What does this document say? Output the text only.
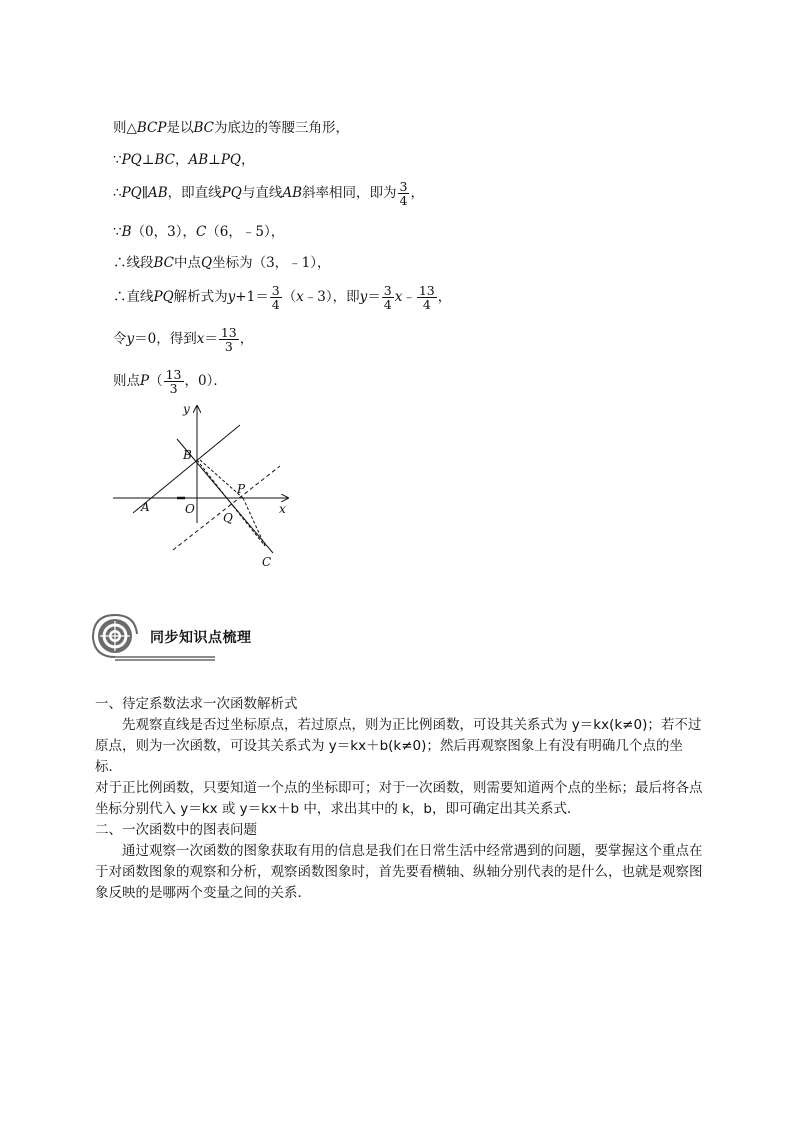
则△ BCP 是以 BC 为底边的等腰三角形，
∵ PQ ⊥ BC ， AB ⊥ PQ ，
∴ PQ ∥ AB ，即直线 PQ 与直线 AB 斜率相同，即为 $\frac{3}{4}$ ，
∵ B （0，3）， C （6，﹣5），
∴线段 BC 中点 Q 坐标为（3，﹣1），
∴直线 PQ 解析式为 $y +1= \frac{3}{4}$ （ x ﹣3），即 $y = \frac{3}{4}$ x ﹣ $\frac{13}{4}$ ，
令 y ＝0，得到 $x = \frac{13}{3}$ ，
则点 P （ $\frac{13}{3}$ ，0）．
y
x
B
P
A	O
Q
C
同步知识点梳理

一、待定系数法求一次函数解析式

先观察直线是否过坐标原点，若过原点，则为正比例函数，可设其关系式为 y＝kx(k≠0)；若不过原点，则为一次函数，可设其关系式为 y＝kx＋b(k≠0)；然后再观察图象上有没有明确几个点的坐标．

对于正比例函数，只要知道一个点的坐标即可；对于一次函数，则需要知道两个点的坐标；最后将各点坐标分别代入 y＝kx 或 y＝kx＋b 中，求出其中的 k，b，即可确定出其关系式．

二、一次函数中的图表问题

通过观察一次函数的图象获取有用的信息是我们在日常生活中经常遇到的问题，要掌握这个重点在

于对函数图象的观察和分析，观察函数图象时，首先要看横轴、纵轴分别代表的是什么，也就是观察图

象反映的是哪两个变量之间的关系．
